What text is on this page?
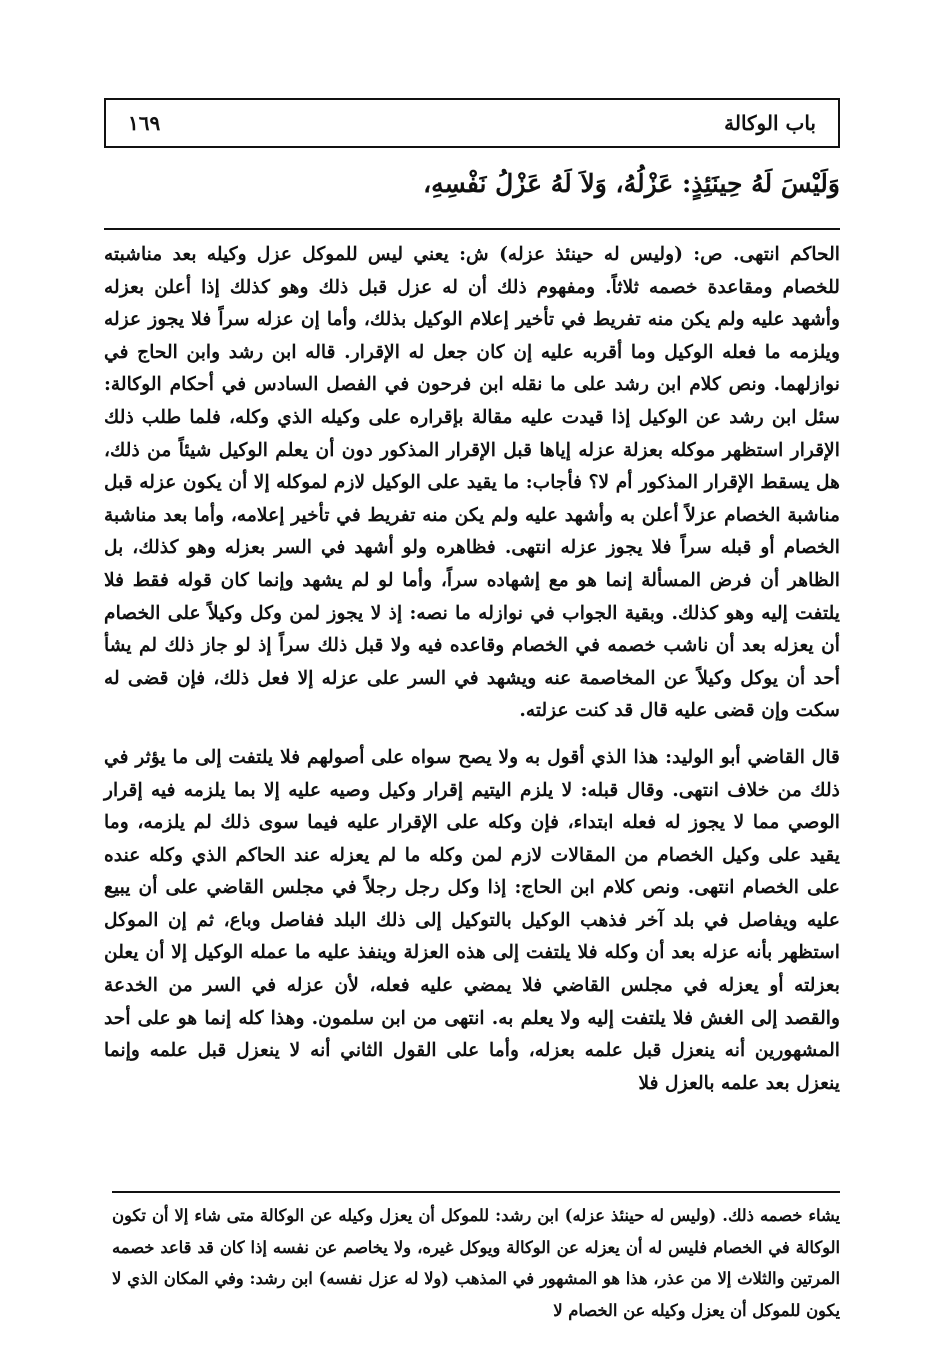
باب الوكالة
١٦٩
وَلَيْسَ لَهُ حِينَئِذٍ: عَزْلُهُ، وَلاَ لَهُ عَزْلُ نَفْسِهِ،

الحاكم انتهى. ص: (وليس له حينئذ عزله) ش: يعني ليس للموكل عزل وكيله بعد مناشبته للخصام ومقاعدة خصمه ثلاثاً. ومفهوم ذلك أن له عزل قبل ذلك وهو كذلك إذا أعلن بعزله وأشهد عليه ولم يكن منه تفريط في تأخير إعلام الوكيل بذلك، وأما إن عزله سراً فلا يجوز عزله ويلزمه ما فعله الوكيل وما أقربه عليه إن كان جعل له الإقرار. قاله ابن رشد وابن الحاج في نوازلهما. ونص كلام ابن رشد على ما نقله ابن فرحون في الفصل السادس في أحكام الوكالة: سئل ابن رشد عن الوكيل إذا قيدت عليه مقالة بإقراره على وكيله الذي وكله، فلما طلب ذلك الإقرار استظهر موكله بعزلة عزله إياها قبل الإقرار المذكور دون أن يعلم الوكيل شيئاً من ذلك، هل يسقط الإقرار المذكور أم لا؟ فأجاب: ما يقيد على الوكيل لازم لموكله إلا أن يكون عزله قبل مناشبة الخصام عزلاً أعلن به وأشهد عليه ولم يكن منه تفريط في تأخير إعلامه، وأما بعد مناشبة الخصام أو قبله سراً فلا يجوز عزله انتهى. فظاهره ولو أشهد في السر بعزله وهو كذلك، بل الظاهر أن فرض المسألة إنما هو مع إشهاده سراً، وأما لو لم يشهد وإنما كان قوله فقط فلا يلتفت إليه وهو كذلك. وبقية الجواب في نوازله ما نصه: إذ لا يجوز لمن وكل وكيلاً على الخصام أن يعزله بعد أن ناشب خصمه في الخصام وقاعده فيه ولا قبل ذلك سراً إذ لو جاز ذلك لم يشأ أحد أن يوكل وكيلاً عن المخاصمة عنه ويشهد في السر على عزله إلا فعل ذلك، فإن قضى له سكت وإن قضى عليه قال قد كنت عزلته.

قال القاضي أبو الوليد: هذا الذي أقول به ولا يصح سواه على أصولهم فلا يلتفت إلى ما يؤثر في ذلك من خلاف انتهى. وقال قبله: لا يلزم اليتيم إقرار وكيل وصيه عليه إلا بما يلزمه فيه إقرار الوصي مما لا يجوز له فعله ابتداء، فإن وكله على الإقرار عليه فيما سوى ذلك لم يلزمه، وما يقيد على وكيل الخصام من المقالات لازم لمن وكله ما لم يعزله عند الحاكم الذي وكله عنده على الخصام انتهى. ونص كلام ابن الحاج: إذا وكل رجل رجلاً في مجلس القاضي على أن يبيع عليه ويفاصل في بلد آخر فذهب الوكيل بالتوكيل إلى ذلك البلد ففاصل وباع، ثم إن الموكل استظهر بأنه عزله بعد أن وكله فلا يلتفت إلى هذه العزلة وينفذ عليه ما عمله الوكيل إلا أن يعلن بعزلته أو يعزله في مجلس القاضي فلا يمضي عليه فعله، لأن عزله في السر من الخدعة والقصد إلى الغش فلا يلتفت إليه ولا يعلم به. انتهى من ابن سلمون. وهذا كله إنما هو على أحد المشهورين أنه ينعزل قبل علمه بعزله، وأما على القول الثاني أنه لا ينعزل قبل علمه وإنما ينعزل بعد علمه بالعزل فلا

يشاء خصمه ذلك. (وليس له حينئذ عزله) ابن رشد: للموكل أن يعزل وكيله عن الوكالة متى شاء إلا أن تكون الوكالة في الخصام فليس له أن يعزله عن الوكالة ويوكل غيره، ولا يخاصم عن نفسه إذا كان قد قاعد خصمه المرتين والثلاث إلا من عذر، هذا هو المشهور في المذهب (ولا له عزل نفسه) ابن رشد: وفي المكان الذي لا يكون للموكل أن يعزل وكيله عن الخصام لا
